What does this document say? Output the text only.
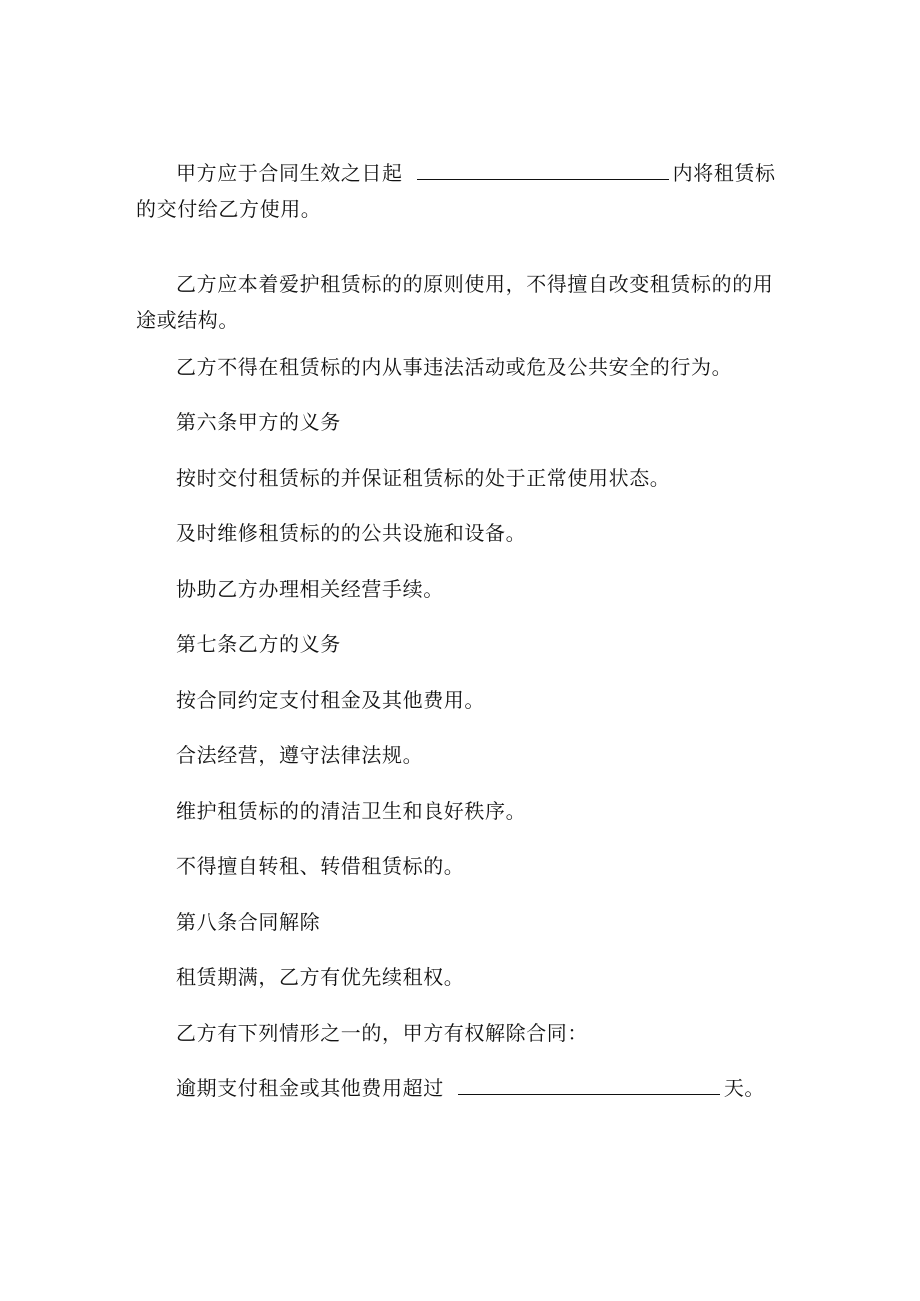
甲方应于合同生效之日起	内将租赁标的交付给乙方使用。

乙方应本着爱护租赁标的的原则使用，不得擅自改变租赁标的的用途或结构。

乙方不得在租赁标的内从事违法活动或危及公共安全的行为。

第六条甲方的义务

按时交付租赁标的并保证租赁标的处于正常使用状态。

及时维修租赁标的的公共设施和设备。

协助乙方办理相关经营手续。

第七条乙方的义务

按合同约定支付租金及其他费用。

合法经营，遵守法律法规。

维护租赁标的的清洁卫生和良好秩序。

不得擅自转租、转借租赁标的。

第八条合同解除

租赁期满，乙方有优先续租权。

乙方有下列情形之一的，甲方有权解除合同：

逾期支付租金或其他费用超过	天。
